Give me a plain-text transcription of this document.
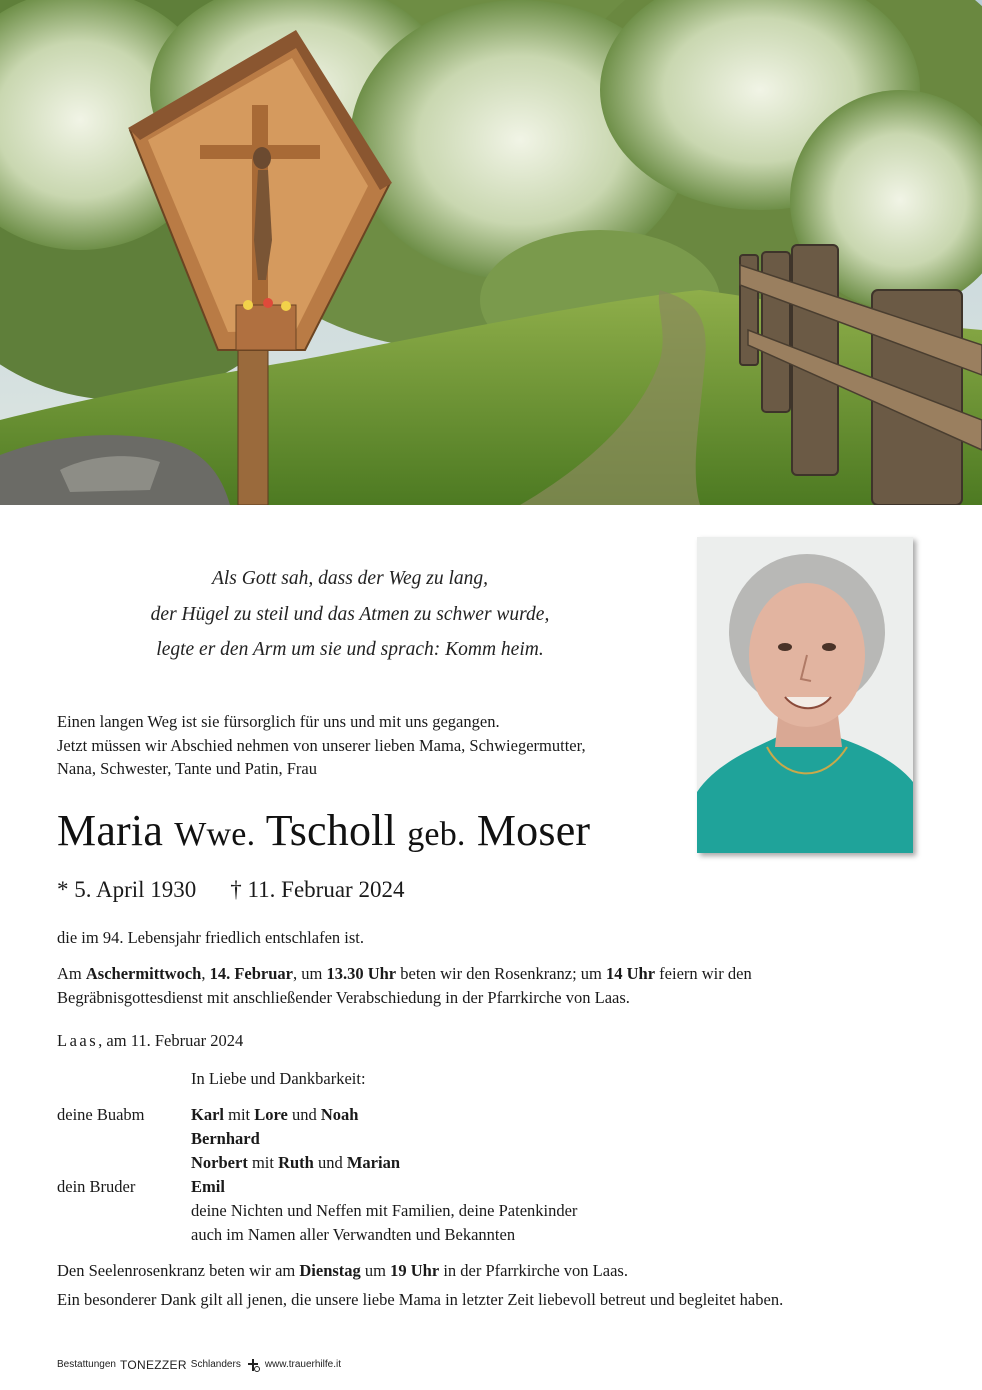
Als Gott sah, dass der Weg zu lang,
der Hügel zu steil und das Atmen zu schwer wurde,
legte er den Arm um sie und sprach: Komm heim.
Einen langen Weg ist sie fürsorglich für uns und mit uns gegangen.
Jetzt müssen wir Abschied nehmen von unserer lieben Mama, Schwiegermutter,
Nana, Schwester, Tante und Patin, Frau
Maria Wwe. Tscholl geb. Moser
* 5. April 1930 † 11. Februar 2024
die im 94. Lebensjahr friedlich entschlafen ist.
Am Aschermittwoch, 14. Februar, um 13.30 Uhr beten wir den Rosenkranz; um 14 Uhr feiern wir den
Begräbnisgottesdienst mit anschließender Verabschiedung in der Pfarrkirche von Laas.
Laas, am 11. Februar 2024
In Liebe und Dankbarkeit:
deine Buabm	Karl mit Lore und Noah
Bernhard
Norbert mit Ruth und Marian
dein Bruder	Emil
deine Nichten und Neffen mit Familien, deine Patenkinder
auch im Namen aller Verwandten und Bekannten
Den Seelenrosenkranz beten wir am Dienstag um 19 Uhr in der Pfarrkirche von Laas.
Ein besonderer Dank gilt all jenen, die unsere liebe Mama in letzter Zeit liebevoll betreut und begleitet haben.
Bestattungen TONEZZER Schlanders www.trauerhilfe.it
